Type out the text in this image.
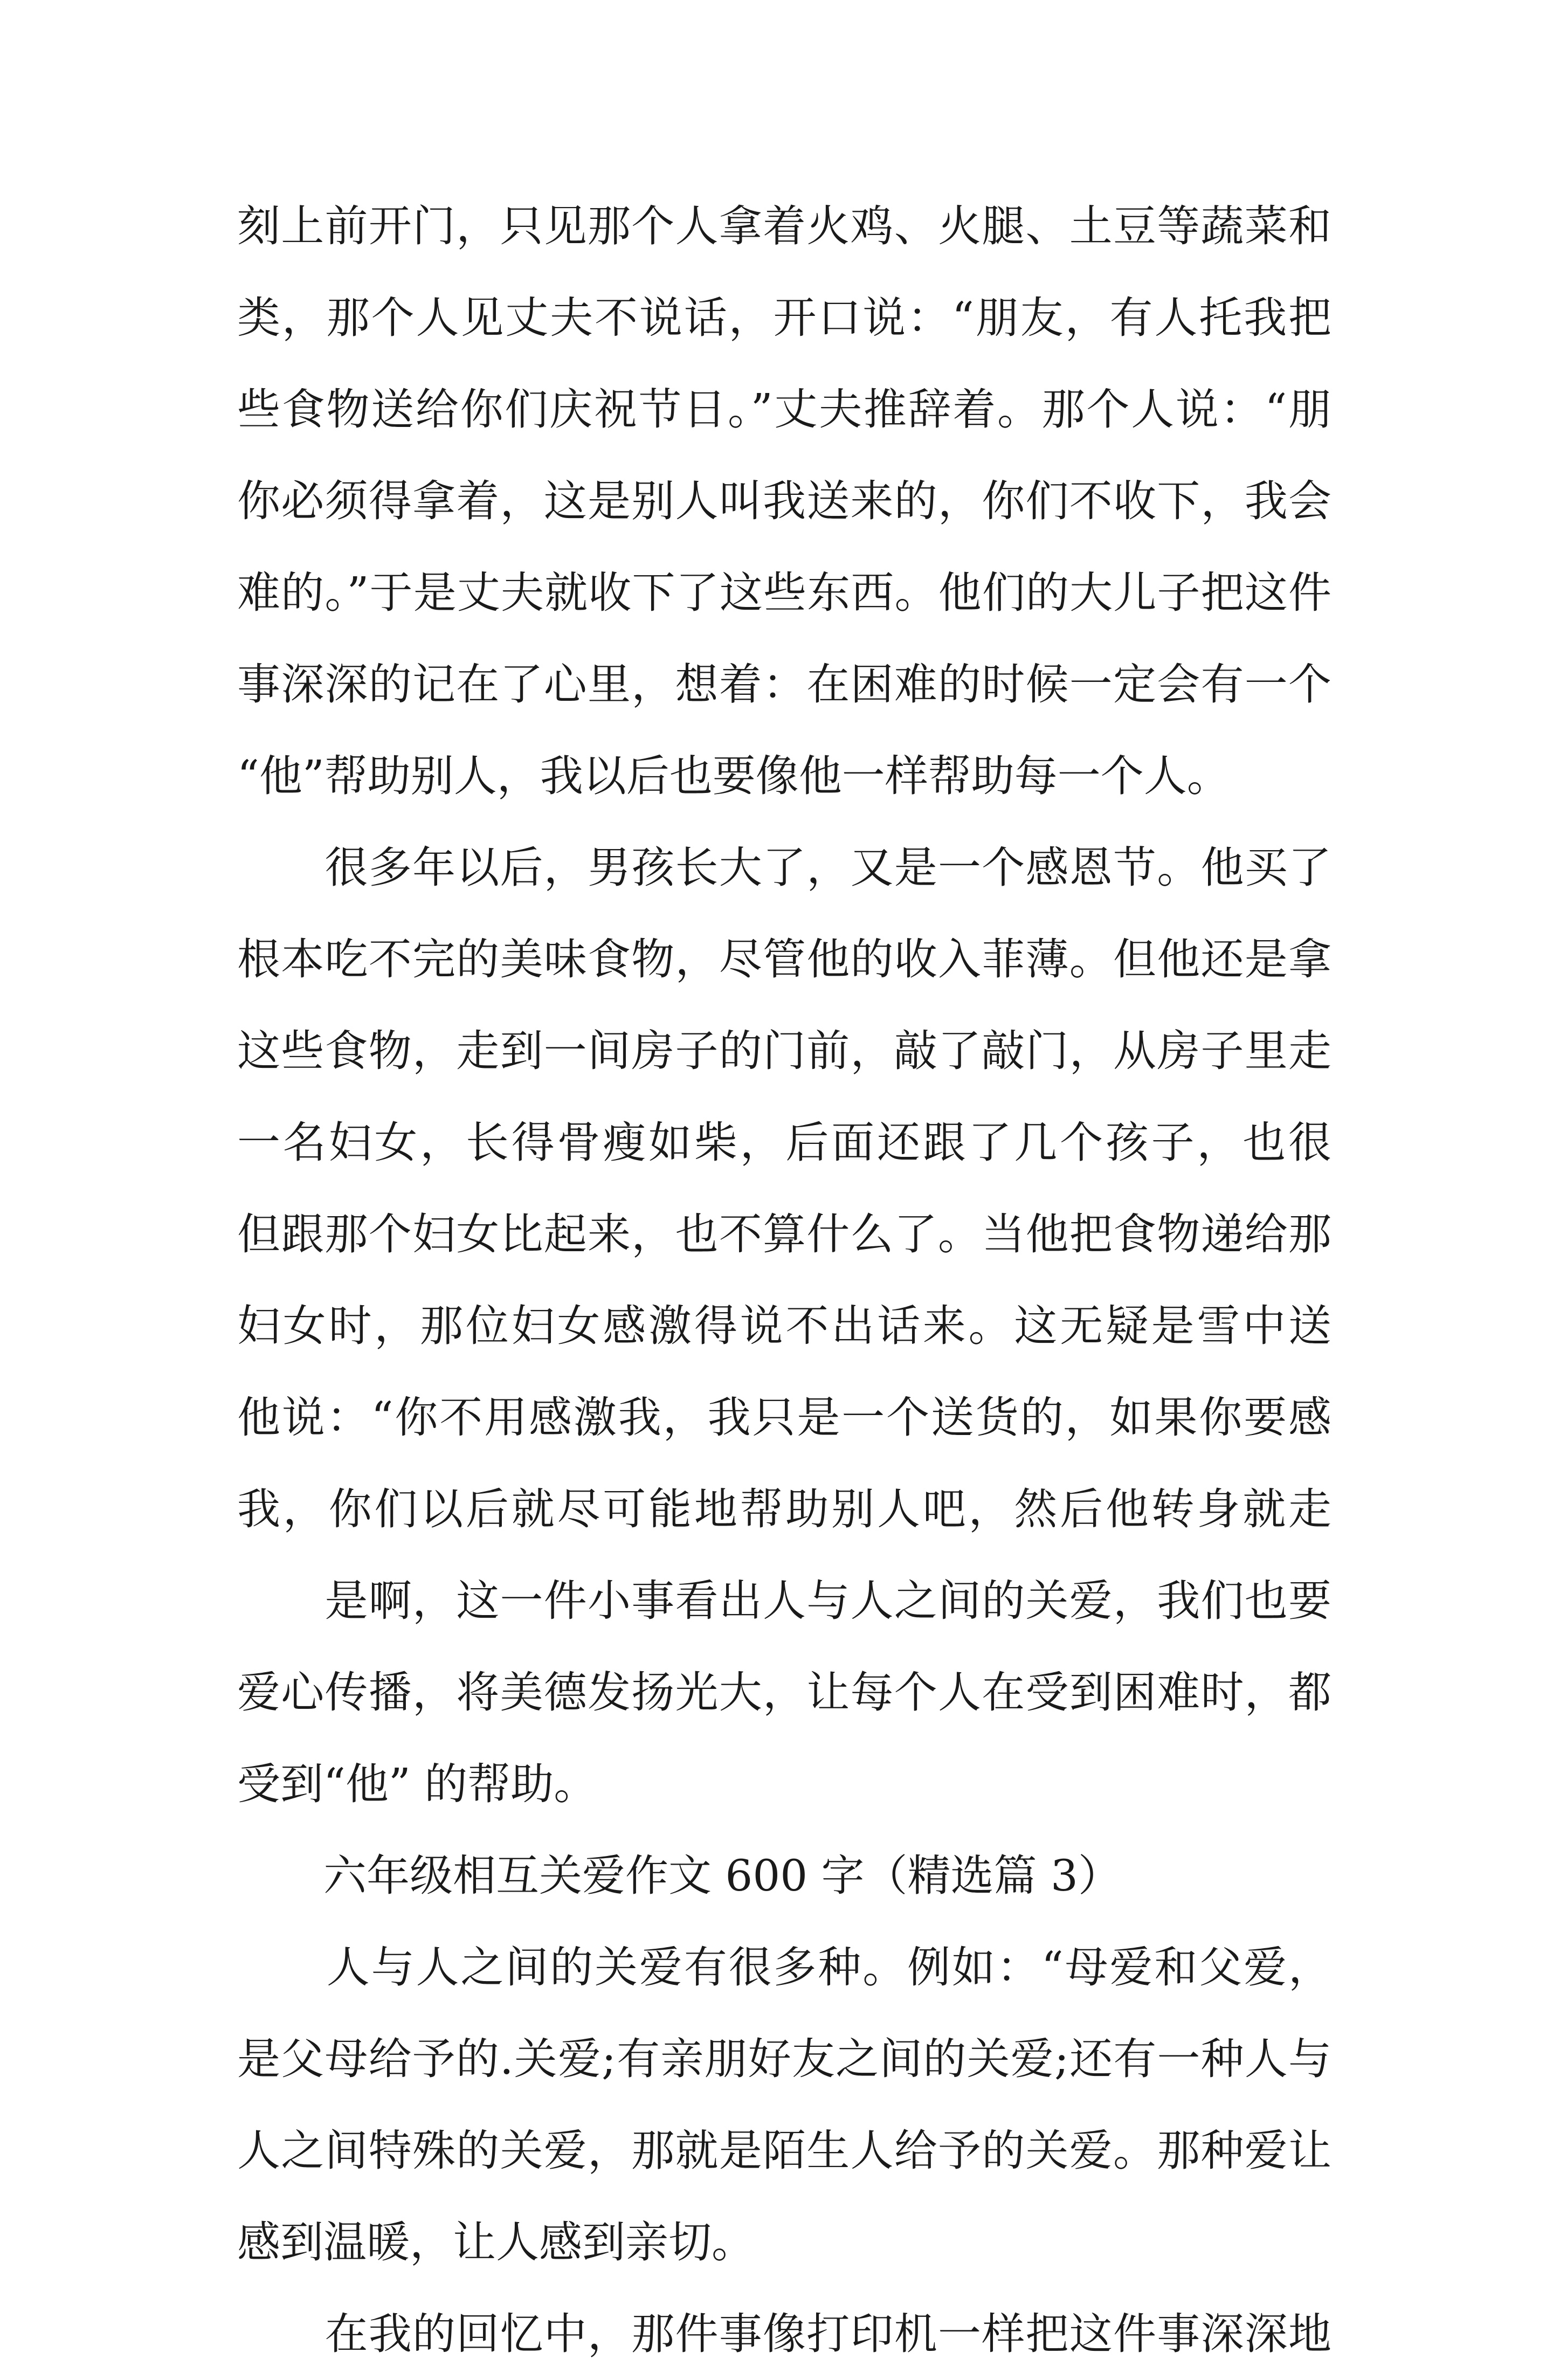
刻上前开门，只见那个人拿着火鸡、火腿、土豆等蔬菜和
类，那个人见丈夫不说话，开口说：“朋友，有人托我把
些食物送给你们庆祝节日。”丈夫推辞着。那个人说：“朋
你必须得拿着，这是别人叫我送来的，你们不收下，我会
难的。”于是丈夫就收下了这些东西。他们的大儿子把这件
事深深的记在了心里，想着：在困难的时候一定会有一个
“他”帮助别人，我以后也要像他一样帮助每一个人。
　　很多年以后，男孩长大了，又是一个感恩节。他买了
根本吃不完的美味食物，尽管他的收入菲薄。但他还是拿
这些食物，走到一间房子的门前，敲了敲门，从房子里走
一名妇女，长得骨瘦如柴，后面还跟了几个孩子，也很
但跟那个妇女比起来，也不算什么了。当他把食物递给那
妇女时，那位妇女感激得说不出话来。这无疑是雪中送
他说：“你不用感激我，我只是一个送货的，如果你要感
我，你们以后就尽可能地帮助别人吧，然后他转身就走
　　是啊，这一件小事看出人与人之间的关爱，我们也要
爱心传播，将美德发扬光大，让每个人在受到困难时，都
受到“他” 的帮助。
　　六年级相互关爱作文 600 字（精选篇 3）
　　人与人之间的关爱有很多种。例如：“母爱和父爱，
是父母给予的.关爱;有亲朋好友之间的关爱;还有一种人与
人之间特殊的关爱，那就是陌生人给予的关爱。那种爱让
感到温暖，让人感到亲切。
　　在我的回忆中，那件事像打印机一样把这件事深深地
